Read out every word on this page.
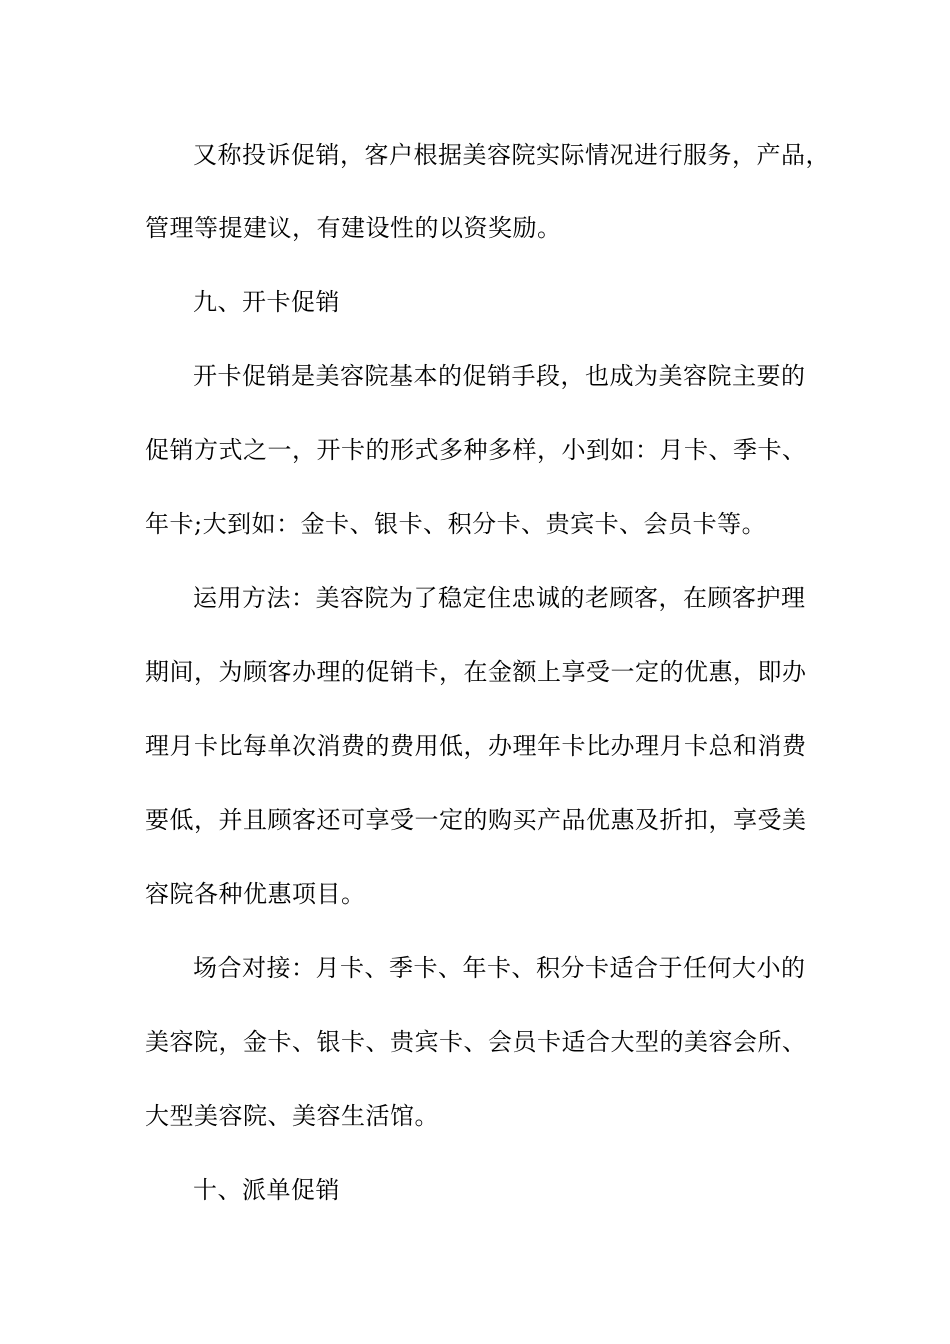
又称投诉促销，客户根据美容院实际情况进行服务，产品，
管理等提建议，有建设性的以资奖励。
九、开卡促销
开卡促销是美容院基本的促销手段，也成为美容院主要的
促销方式之一，开卡的形式多种多样，小到如：月卡、季卡、
年卡;大到如：金卡、银卡、积分卡、贵宾卡、会员卡等。
运用方法：美容院为了稳定住忠诚的老顾客，在顾客护理
期间，为顾客办理的促销卡，在金额上享受一定的优惠，即办
理月卡比每单次消费的费用低，办理年卡比办理月卡总和消费
要低，并且顾客还可享受一定的购买产品优惠及折扣，享受美
容院各种优惠项目。
场合对接：月卡、季卡、年卡、积分卡适合于任何大小的
美容院，金卡、银卡、贵宾卡、会员卡适合大型的美容会所、
大型美容院、美容生活馆。
十、派单促销
